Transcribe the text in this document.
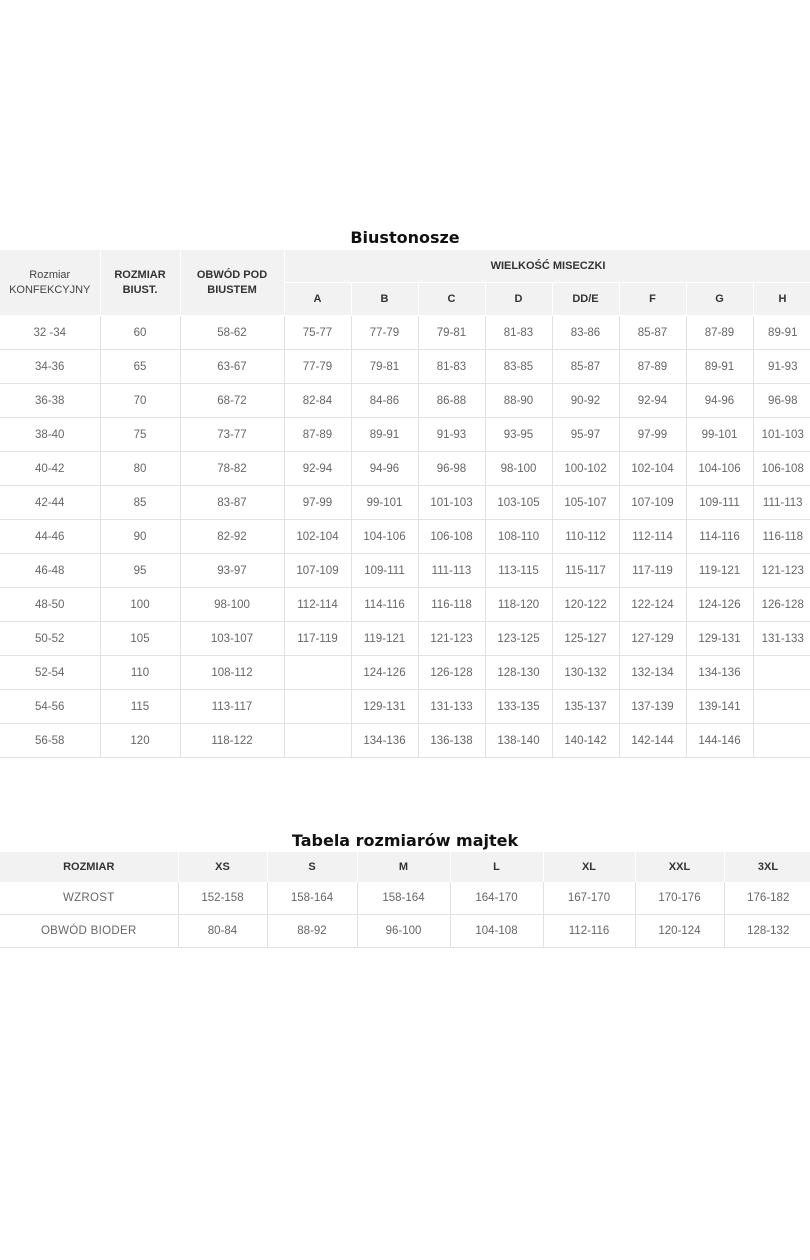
Biustonosze
Rozmiar KONFEKCYJNY	ROZMIAR BIUST.	OBWÓD POD BIUSTEM	WIELKOŚĆ MISECZKI							
			A	B	C	D	DD/E	F	G	H
32 -34	60	58-62	75-77	77-79	79-81	81-83	83-86	85-87	87-89	89-91
34-36	65	63-67	77-79	79-81	81-83	83-85	85-87	87-89	89-91	91-93
36-38	70	68-72	82-84	84-86	86-88	88-90	90-92	92-94	94-96	96-98
38-40	75	73-77	87-89	89-91	91-93	93-95	95-97	97-99	99-101	101-103
40-42	80	78-82	92-94	94-96	96-98	98-100	100-102	102-104	104-106	106-108
42-44	85	83-87	97-99	99-101	101-103	103-105	105-107	107-109	109-111	111-113
44-46	90	82-92	102-104	104-106	106-108	108-110	110-112	112-114	114-116	116-118
46-48	95	93-97	107-109	109-111	111-113	113-115	115-117	117-119	119-121	121-123
48-50	100	98-100	112-114	114-116	116-118	118-120	120-122	122-124	124-126	126-128
50-52	105	103-107	117-119	119-121	121-123	123-125	125-127	127-129	129-131	131-133
52-54	110	108-112		124-126	126-128	128-130	130-132	132-134	134-136	
54-56	115	113-117		129-131	131-133	133-135	135-137	137-139	139-141	
56-58	120	118-122		134-136	136-138	138-140	140-142	142-144	144-146	
Tabela rozmiarów majtek
ROZMIAR	XS	S	M	L	XL	XXL	3XL
WZROST	152-158	158-164	158-164	164-170	167-170	170-176	176-182
OBWÓD BIODER	80-84	88-92	96-100	104-108	112-116	120-124	128-132
